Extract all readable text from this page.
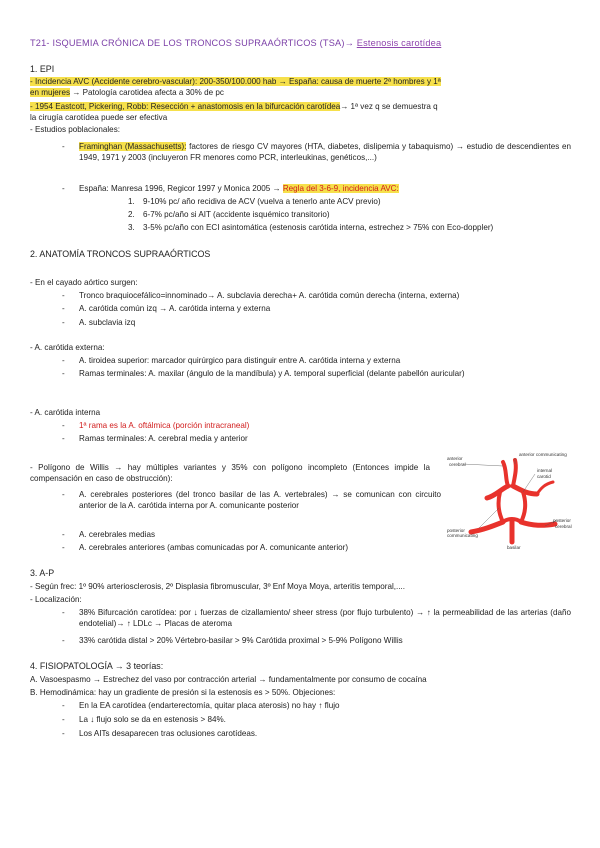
T21- ISQUEMIA CRÓNICA DE LOS TRONCOS SUPRAAÓRTICOS (TSA)→ Estenosis carotídea
1. EPI
- Incidencia AVC (Accidente cerebro-vascular): 200-350/100.000 hab → España: causa de muerte 2ª hombres y 1ª
en mujeres → Patología carotidea afecta a 30% de pc
- 1954 Eastcott, Pickering, Robb: Resección + anastomosis en la bifurcación carotídea→ 1ª vez q se demuestra q
la cirugía carotídea puede ser efectiva
- Estudios poblacionales:
- Framinghan (Massachusetts): factores de riesgo CV mayores (HTA, diabetes, dislipemia y tabaquismo) → estudio de descendientes en 1949, 1971 y 2003 (incluyeron FR menores como PCR, interleukinas, genéticos,...)
- España: Manresa 1996, Regicor 1997 y Monica 2005 → Regla del 3-6-9, incidencia AVC:
1. 9-10% pc/ año recidiva de ACV (vuelva a tenerlo ante ACV previo)
2. 6-7% pc/año si AIT (accidente isquémico transitorio)
3. 3-5% pc/año con ECI asintomática (estenosis carótida interna, estrechez > 75% con Eco-doppler)
2. ANATOMÍA TRONCOS SUPRAAÓRTICOS
- En el cayado aórtico surgen:
- Tronco braquiocefálico=innominado→ A. subclavia derecha+ A. carótida común derecha (interna, externa)
- A. carótida común izq → A. carótida interna y externa
- A. subclavia izq
- A. carótida externa:
- A. tiroidea superior: marcador quirúrgico para distinguir entre A. carótida interna y externa
- Ramas terminales: A. maxilar (ángulo de la mandíbula) y A. temporal superficial (delante pabellón auricular)
- A. carótida interna
- 1ª rama es la A. oftálmica (porción intracraneal)
- Ramas terminales: A. cerebral media y anterior
- Polígono de Willis → hay múltiples variantes y 35% con polígono incompleto (Entonces impide la compensación en caso de obstrucción):
- A. cerebrales posteriores (del tronco basilar de las A. vertebrales) → se comunican con circuito anterior de la A. carótida interna por A. comunicante posterior
- A. cerebrales medias
- A. cerebrales anteriores (ambas comunicadas por A. comunicante anterior)
anterior
cerebral
anterior communicating
internal
carotid
posterior
communicating
posterior
cerebral
basilar
3. A-P
- Según frec: 1º 90% arteriosclerosis, 2º Displasia fibromuscular, 3º Enf Moya Moya, arteritis temporal,....
- Localización:
- 38% Bifurcación carotídea: por ↓ fuerzas de cizallamiento/ sheer stress (por flujo turbulento) → ↑ la permeabilidad de las arterias (daño endotelial)→ ↑ LDLc → Placas de ateroma
- 33% carótida distal > 20% Vértebro-basilar > 9% Carótida proximal > 5-9% Polígono Willis
4. FISIOPATOLOGÍA → 3 teorías:
A. Vasoespasmo → Estrechez del vaso por contracción arterial → fundamentalmente por consumo de cocaína
B. Hemodinámica: hay un gradiente de presión si la estenosis es > 50%. Objeciones:
- En la EA carotídea (endarterectomía, quitar placa aterosis) no hay ↑ flujo
- La ↓ flujo solo se da en estenosis > 84%.
- Los AITs desaparecen tras oclusiones carotídeas.
